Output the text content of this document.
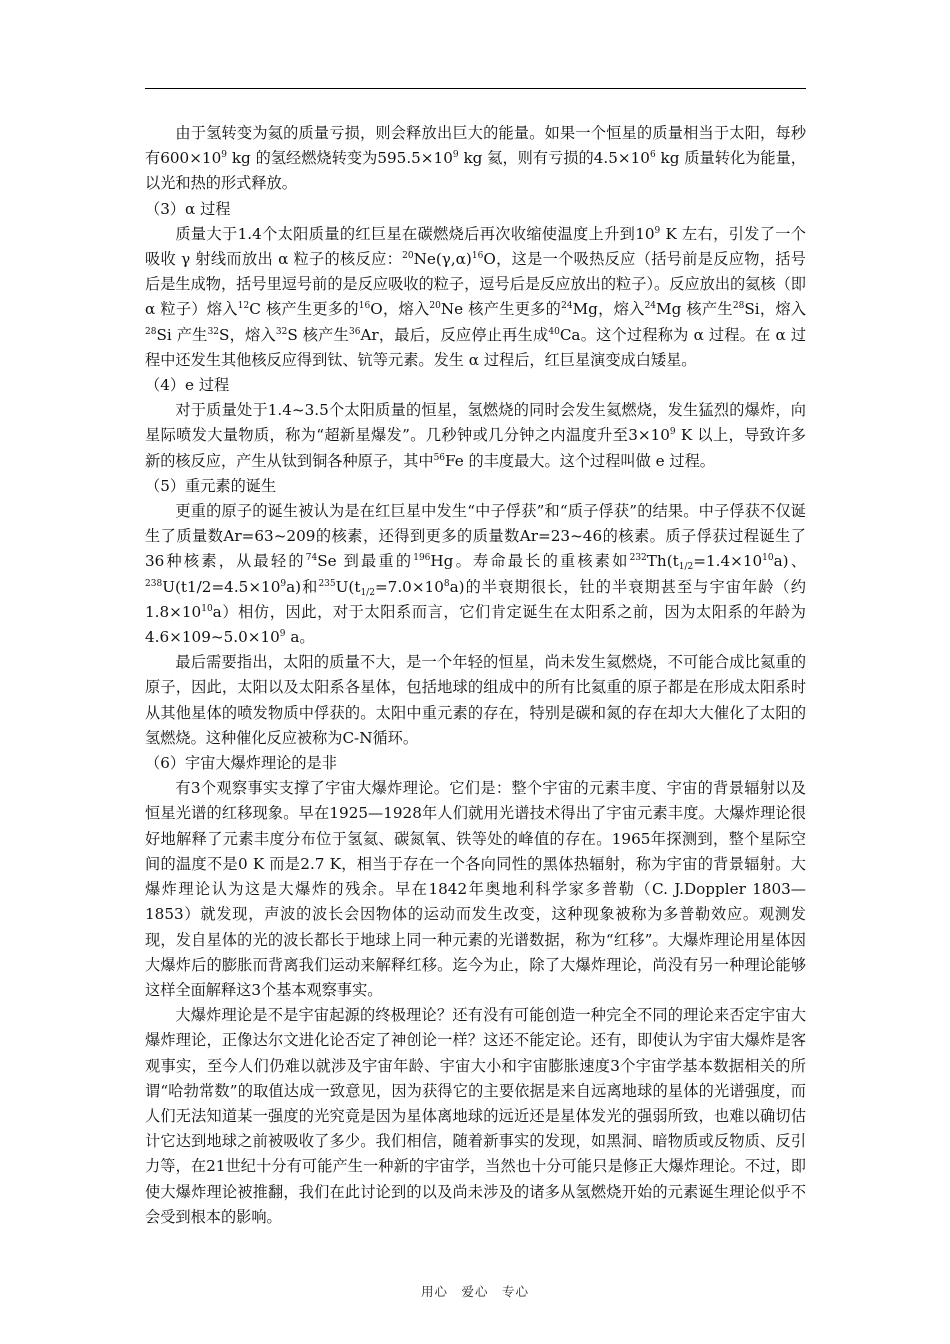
由于氢转变为氦的质量亏损，则会释放出巨大的能量。如果一个恒星的质量相当于太阳，每秒有$600\times 10^9$ kg 的氢经燃烧转变为$595.5\times 10^9$ kg 氦，则有亏损的$4.5\times 10^6$ kg 质量转化为能量，以光和热的形式释放。

（3）α 过程

质量大于1.4个太阳质量的红巨星在碳燃烧后再次收缩使温度上升到$10^9$ K 左右，引发了一个吸收 γ 射线而放出 α 粒子的核反应：$^{20}Ne(\gamma,\alpha)^{16}O$，这是一个吸热反应（括号前是反应物，括号后是生成物，括号里逗号前的是反应吸收的粒子，逗号后是反应放出的粒子）。反应放出的氦核（即 α 粒子）熔入$^{12}$C 核产生更多的$^{16}$O，熔入$^{20}$Ne 核产生更多的$^{24}$Mg，熔入$^{24}$Mg 核产生$^{28}$Si，熔入$^{28}$Si 产生$^{32}$S，熔入$^{32}$S 核产生$^{36}$Ar，最后，反应停止再生成$^{40}$Ca。这个过程称为 α 过程。在 α 过程中还发生其他核反应得到钛、钪等元素。发生 α 过程后，红巨星演变成白矮星。

（4）e 过程

对于质量处于1.4~3.5个太阳质量的恒星，氢燃烧的同时会发生氦燃烧，发生猛烈的爆炸，向星际喷发大量物质，称为“超新星爆发”。几秒钟或几分钟之内温度升至$3\times 10^9$ K 以上，导致许多新的核反应，产生从钛到铜各种原子，其中$^{56}$Fe 的丰度最大。这个过程叫做 e 过程。

（5）重元素的诞生

更重的原子的诞生被认为是在红巨星中发生“中子俘获”和“质子俘获”的结果。中子俘获不仅诞生了质量数Ar=63~209的核素，还得到更多的质量数Ar=23~46的核素。质子俘获过程诞生了36种核素，从最轻的$^{74}$Se 到最重的$^{196}$Hg。寿命最长的重核素如$^{232}Th(t_{1/2}=1.4\times 10^{10}a)$、$^{238}U(t1/2=4.5\times 10^9a)$和$^{235}U(t_{1/2}=7.0\times 10^8a)$的半衰期很长，钍的半衰期甚至与宇宙年龄（约$1.8\times 10^{10}a$）相仿，因此，对于太阳系而言，它们肯定诞生在太阳系之前，因为太阳系的年龄为$4.6\times 109\sim 5.0\times 10^9$ a。

最后需要指出，太阳的质量不大，是一个年轻的恒星，尚未发生氦燃烧，不可能合成比氦重的原子，因此，太阳以及太阳系各星体，包括地球的组成中的所有比氦重的原子都是在形成太阳系时从其他星体的喷发物质中俘获的。太阳中重元素的存在，特别是碳和氮的存在却大大催化了太阳的氢燃烧。这种催化反应被称为C-N循环。

（6）宇宙大爆炸理论的是非

有3个观察事实支撑了宇宙大爆炸理论。它们是：整个宇宙的元素丰度、宇宙的背景辐射以及恒星光谱的红移现象。早在1925—1928年人们就用光谱技术得出了宇宙元素丰度。大爆炸理论很好地解释了元素丰度分布位于氢氦、碳氮氧、铁等处的峰值的存在。1965年探测到，整个星际空间的温度不是0 K 而是2.7 K，相当于存在一个各向同性的黑体热辐射，称为宇宙的背景辐射。大爆炸理论认为这是大爆炸的残余。早在1842年奥地利科学家多普勒（C. J.Doppler 1803—1853）就发现，声波的波长会因物体的运动而发生改变，这种现象被称为多普勒效应。观测发现，发自星体的光的波长都长于地球上同一种元素的光谱数据，称为“红移”。大爆炸理论用星体因大爆炸后的膨胀而背离我们运动来解释红移。迄今为止，除了大爆炸理论，尚没有另一种理论能够这样全面解释这3个基本观察事实。

大爆炸理论是不是宇宙起源的终极理论？还有没有可能创造一种完全不同的理论来否定宇宙大爆炸理论，正像达尔文进化论否定了神创论一样？这还不能定论。还有，即使认为宇宙大爆炸是客观事实，至今人们仍难以就涉及宇宙年龄、宇宙大小和宇宙膨胀速度3个宇宙学基本数据相关的所谓“哈勃常数”的取值达成一致意见，因为获得它的主要依据是来自远离地球的星体的光谱强度，而人们无法知道某一强度的光究竟是因为星体离地球的远近还是星体发光的强弱所致，也难以确切估计它达到地球之前被吸收了多少。我们相信，随着新事实的发现，如黑洞、暗物质或反物质、反引力等，在21世纪十分有可能产生一种新的宇宙学，当然也十分可能只是修正大爆炸理论。不过，即使大爆炸理论被推翻，我们在此讨论到的以及尚未涉及的诸多从氢燃烧开始的元素诞生理论似乎不会受到根本的影响。

用心　爱心　专心
